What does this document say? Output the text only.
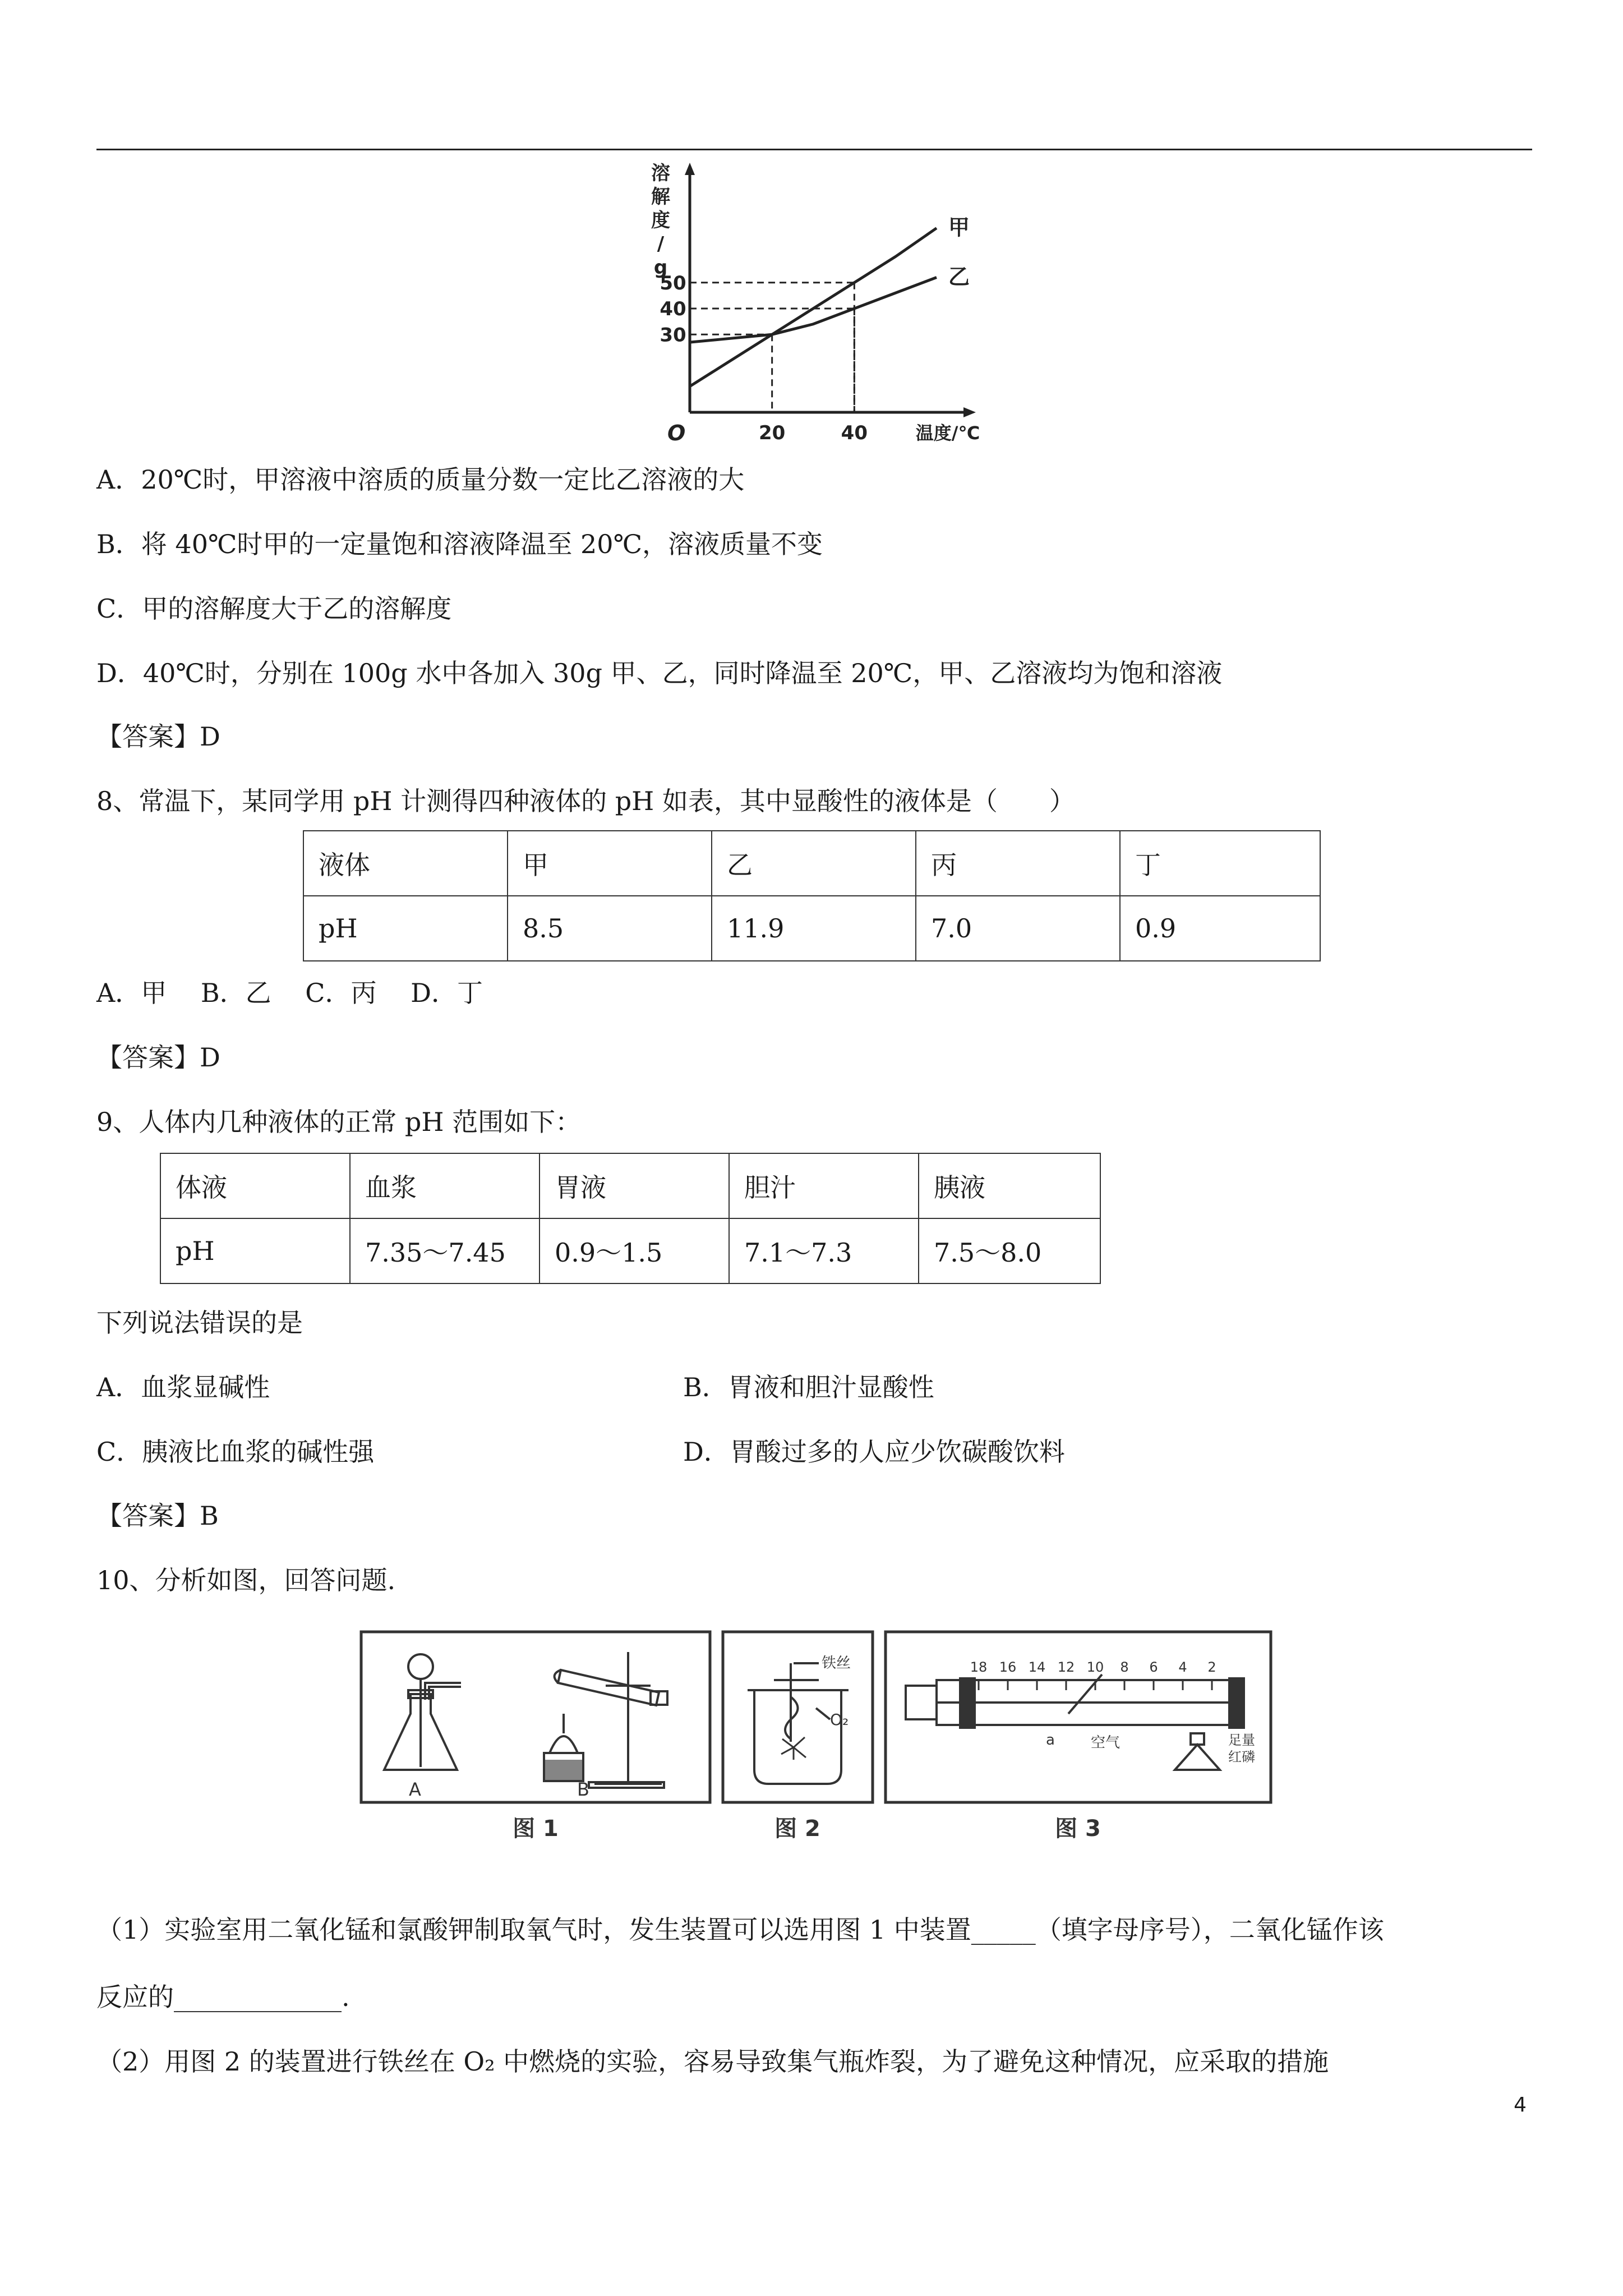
溶
解
度
/
g
温度/℃
O	20	40
30
40
50
甲
乙
A．20℃时，甲溶液中溶质的质量分数一定比乙溶液的大
B．将 40℃时甲的一定量饱和溶液降温至 20℃，溶液质量不变
C．甲的溶解度大于乙的溶解度
D．40℃时，分别在 100g 水中各加入 30g 甲、乙，同时降温至 20℃，甲、乙溶液均为饱和溶液
【答案】D
8、常温下，某同学用 pH 计测得四种液体的 pH 如表，其中显酸性的液体是（　　）
液体	甲	乙	丙	丁
pH	8.5	11.9	7.0	0.9
A．甲　 B．乙　 C．丙　 D．丁
【答案】D
9、人体内几种液体的正常 pH 范围如下：
体液	血浆	胃液	胆汁	胰液
pH	7.35～7.45	0.9～1.5	7.1～7.3	7.5～8.0
下列说法错误的是
A．血浆显碱性	B．胃液和胆汁显酸性
C．胰液比血浆的碱性强	D．胃酸过多的人应少饮碳酸饮料
【答案】B
10、分析如图，回答问题.
A	B
图 1
铁丝
O₂
图 2
18 16 14 12 10 8 6 4 2
a 空气	足量
红磷
图 3
（1）实验室用二氧化锰和氯酸钾制取氧气时，发生装置可以选用图 1 中装置_____（填字母序号），二氧化锰作该
反应的_____________.
（2）用图 2 的装置进行铁丝在 O₂ 中燃烧的实验，容易导致集气瓶炸裂，为了避免这种情况，应采取的措施
4
